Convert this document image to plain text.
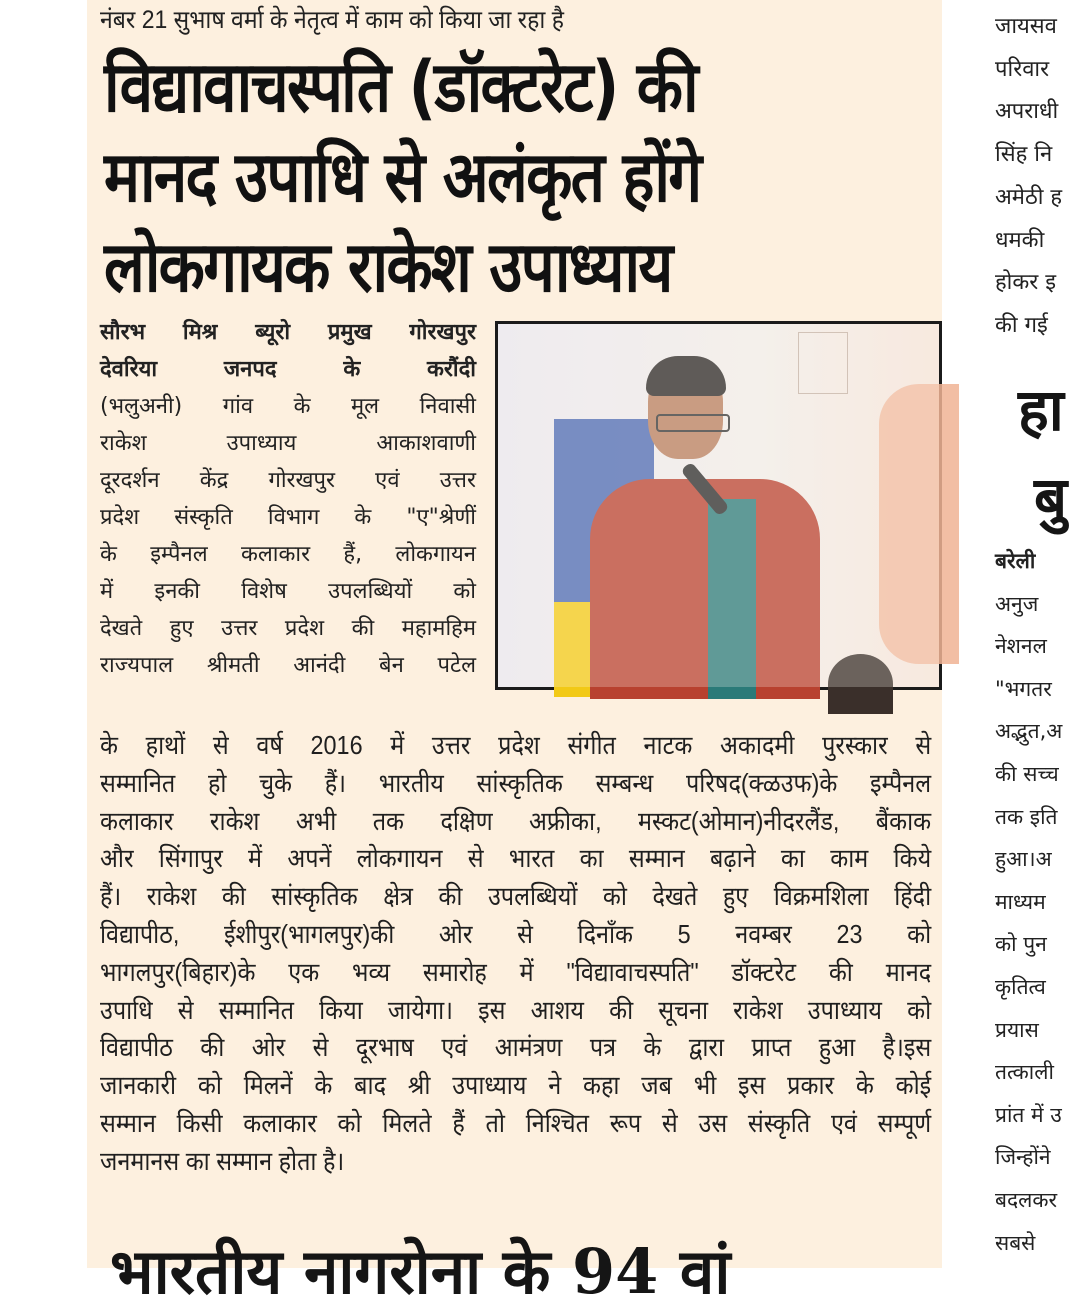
नंबर 21 सुभाष वर्मा के नेतृत्व में काम को किया जा रहा है
विद्यावाचस्पति (डॉक्टरेट) की
मानद उपाधि से अलंकृत होंगे
लोकगायक राकेश उपाध्याय
सौरभ मिश्र ब्यूरो प्रमुख गोरखपुर
देवरिया जनपद के करौंदी
(भलुअनी) गांव के मूल निवासी
राकेश उपाध्याय आकाशवाणी
दूरदर्शन केंद्र गोरखपुर एवं उत्तर
प्रदेश संस्कृति विभाग के "ए"श्रेणीं
के इम्पैनल कलाकार हैं, लोकगायन
में इनकी विशेष उपलब्धियों को
देखते हुए उत्तर प्रदेश की महामहिम
राज्यपाल श्रीमती आनंदी बेन पटेल
के हाथों से वर्ष 2016 में उत्तर प्रदेश संगीत नाटक अकादमी पुरस्कार से
सम्मानित हो चुके हैं। भारतीय सांस्कृतिक सम्बन्ध परिषद(क्ळउफ)के इम्पैनल
कलाकार राकेश अभी तक दक्षिण अफ्रीका, मस्कट(ओमान)नीदरलैंड, बैंकाक
और सिंगापुर में अपनें लोकगायन से भारत का सम्मान बढ़ाने का काम किये
हैं। राकेश की सांस्कृतिक क्षेत्र की उपलब्धियों को देखते हुए विक्रमशिला हिंदी
विद्यापीठ, ईशीपुर(भागलपुर)की ओर से दिनाँक 5 नवम्बर 23 को
भागलपुर(बिहार)के एक भव्य समारोह में "विद्यावाचस्पति" डॉक्टरेट की मानद
उपाधि से सम्मानित किया जायेगा। इस आशय की सूचना राकेश उपाध्याय को
विद्यापीठ की ओर से दूरभाष एवं आमंत्रण पत्र के द्वारा प्राप्त हुआ है।इस
जानकारी को मिलनें के बाद श्री उपाध्याय ने कहा जब भी इस प्रकार के कोई
सम्मान किसी कलाकार को मिलते हैं तो निश्चित रूप से उस संस्कृति एवं सम्पूर्ण
जनमानस का सम्मान होता है।
भारतीय नागरोना के 94 वां
जायसव
परिवार
अपराधी
सिंह नि
अमेठी ह
धमकी
होकर इ
की गई
हा
बु
बरेली
अनुज
नेशनल
"भगतर
अद्भुत,अ
की सच्च
तक इति
हुआ।अ
माध्यम
को पुन
कृतित्व
प्रयास
तत्काली
प्रांत में उ
जिन्होंने
बदलकर
सबसे
